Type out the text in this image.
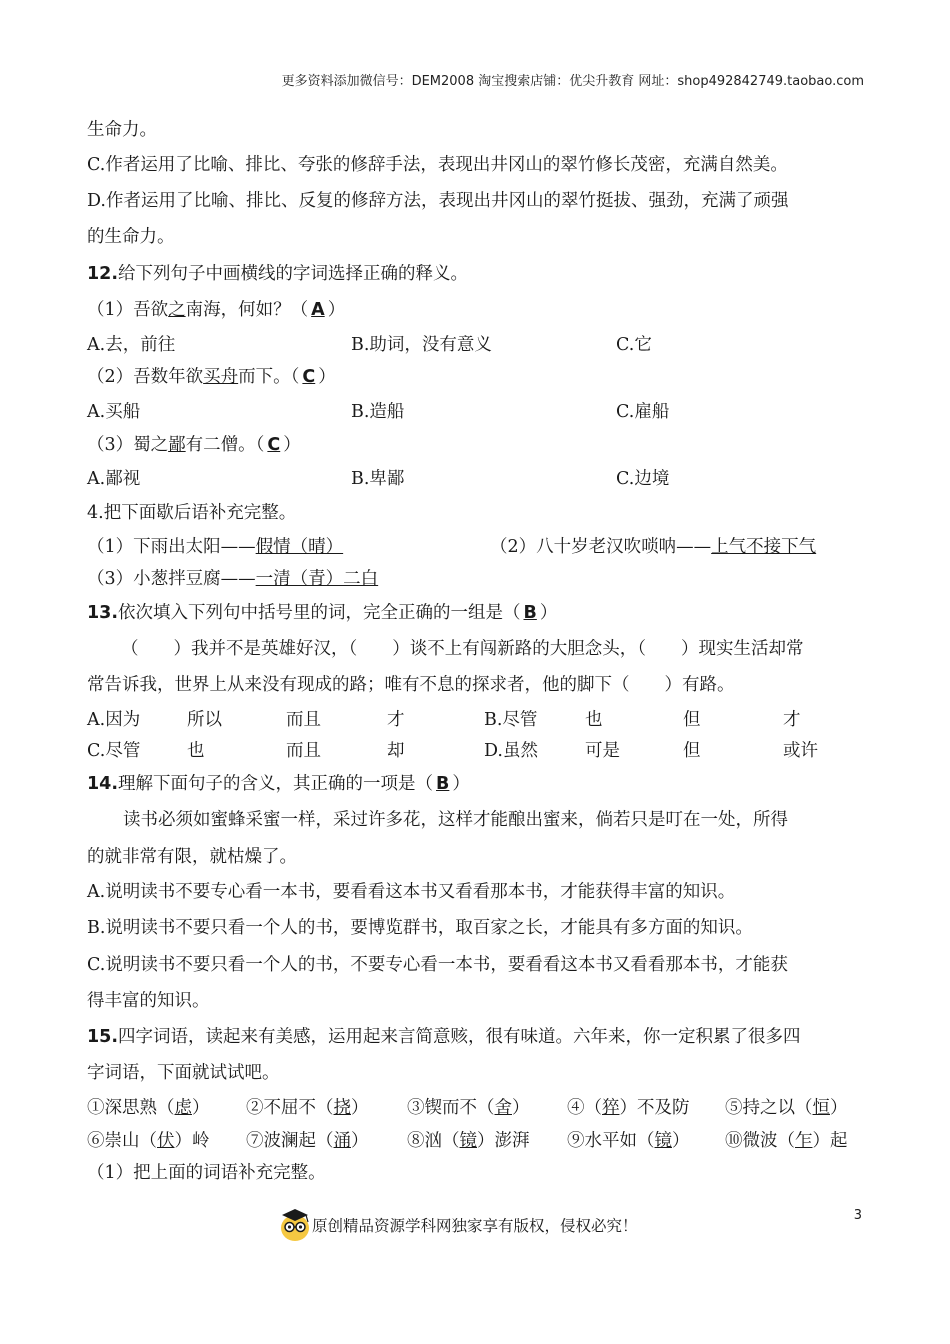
更多资料添加微信号：DEM2008 淘宝搜索店铺：优尖升教育 网址：shop492842749.taobao.com
生命力。
C.作者运用了比喻、排比、夸张的修辞手法，表现出井冈山的翠竹修长茂密，充满自然美。
D.作者运用了比喻、排比、反复的修辞方法，表现出井冈山的翠竹挺拔、强劲，充满了顽强
的生命力。
12.给下列句子中画横线的字词选择正确的释义。
（1）吾欲之南海，何如？（ A ）
A.去，前往	B.助词，没有意义	C.它
（2）吾数年欲买舟而下。（ C ）
A.买船	B.造船	C.雇船
（3）蜀之鄙有二僧。（ C ）
A.鄙视	B.卑鄙	C.边境
4.把下面歇后语补充完整。
（1）下雨出太阳——假情（晴）	（2）八十岁老汉吹唢呐——上气不接下气
（3）小葱拌豆腐——一清（青）二白
13.依次填入下列句中括号里的词，完全正确的一组是（ B ）
（　　）我并不是英雄好汉，（　　）谈不上有闯新路的大胆念头，（　　）现实生活却常
常告诉我，世界上从来没有现成的路；唯有不息的探求者，他的脚下（　　）有路。
A.因为	所以	而且	才	B.尽管	也	但	才
C.尽管	也	而且	却	D.虽然	可是	但	或许
14.理解下面句子的含义，其正确的一项是（ B ）
读书必须如蜜蜂采蜜一样，采过许多花，这样才能酿出蜜来，倘若只是叮在一处，所得
的就非常有限，就枯燥了。
A.说明读书不要专心看一本书，要看看这本书又看看那本书，才能获得丰富的知识。
B.说明读书不要只看一个人的书，要博览群书，取百家之长，才能具有多方面的知识。
C.说明读书不要只看一个人的书，不要专心看一本书，要看看这本书又看看那本书，才能获
得丰富的知识。
15.四字词语，读起来有美感，运用起来言简意赅，很有味道。六年来，你一定积累了很多四
字词语，下面就试试吧。
①深思熟（虑） ②不屈不（挠） ③锲而不（舍） ④（猝）不及防 ⑤持之以（恒）
⑥崇山（伏）岭 ⑦波澜起（涌） ⑧汹（镜）澎湃 ⑨水平如（镜） ⑩微波（乍）起
（1）把上面的词语补充完整。
3
原创精品资源学科网独家享有版权，侵权必究！
